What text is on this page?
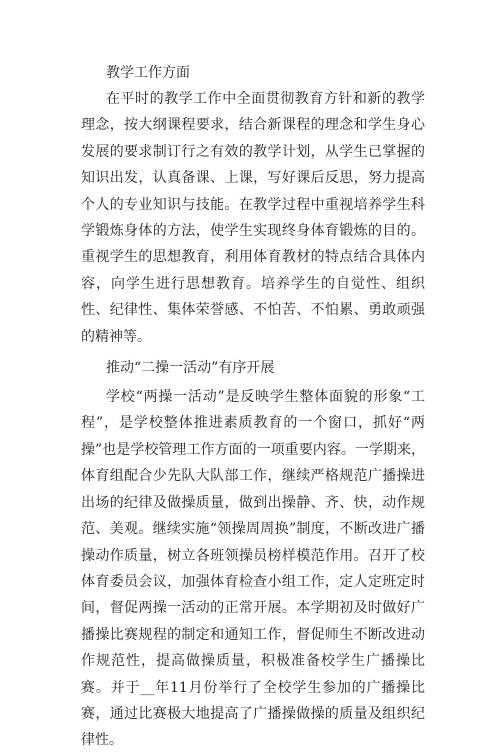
教学工作方面

在平时的教学工作中全面贯彻教育方针和新的教学理念，按大纲课程要求，结合新课程的理念和学生身心发展的要求制订行之有效的教学计划，从学生已掌握的知识出发，认真备课、上课，写好课后反思，努力提高个人的专业知识与技能。在教学过程中重视培养学生科学锻炼身体的方法，使学生实现终身体育锻炼的目的。重视学生的思想教育，利用体育教材的特点结合具体内容，向学生进行思想教育。培养学生的自觉性、组织性、纪律性、集体荣誉感、不怕苦、不怕累、勇敢顽强的精神等。

推动“二操一活动”有序开展

学校“两操一活动”是反映学生整体面貌的形象“工程”，是学校整体推进素质教育的一个窗口，抓好“两操”也是学校管理工作方面的一项重要内容。一学期来，体育组配合少先队大队部工作，继续严格规范广播操进出场的纪律及做操质量，做到出操静、齐、快，动作规范、美观。继续实施“领操周周换”制度，不断改进广播操动作质量，树立各班领操员榜样模范作用。召开了校体育委员会议，加强体育检查小组工作，定人定班定时间，督促两操一活动的正常开展。本学期初及时做好广播操比赛规程的制定和通知工作，督促师生不断改进动作规范性，提高做操质量，积极准备校学生广播操比赛。并于__年11月份举行了全校学生参加的广播操比赛，通过比赛极大地提高了广播操做操的质量及组织纪律性。
